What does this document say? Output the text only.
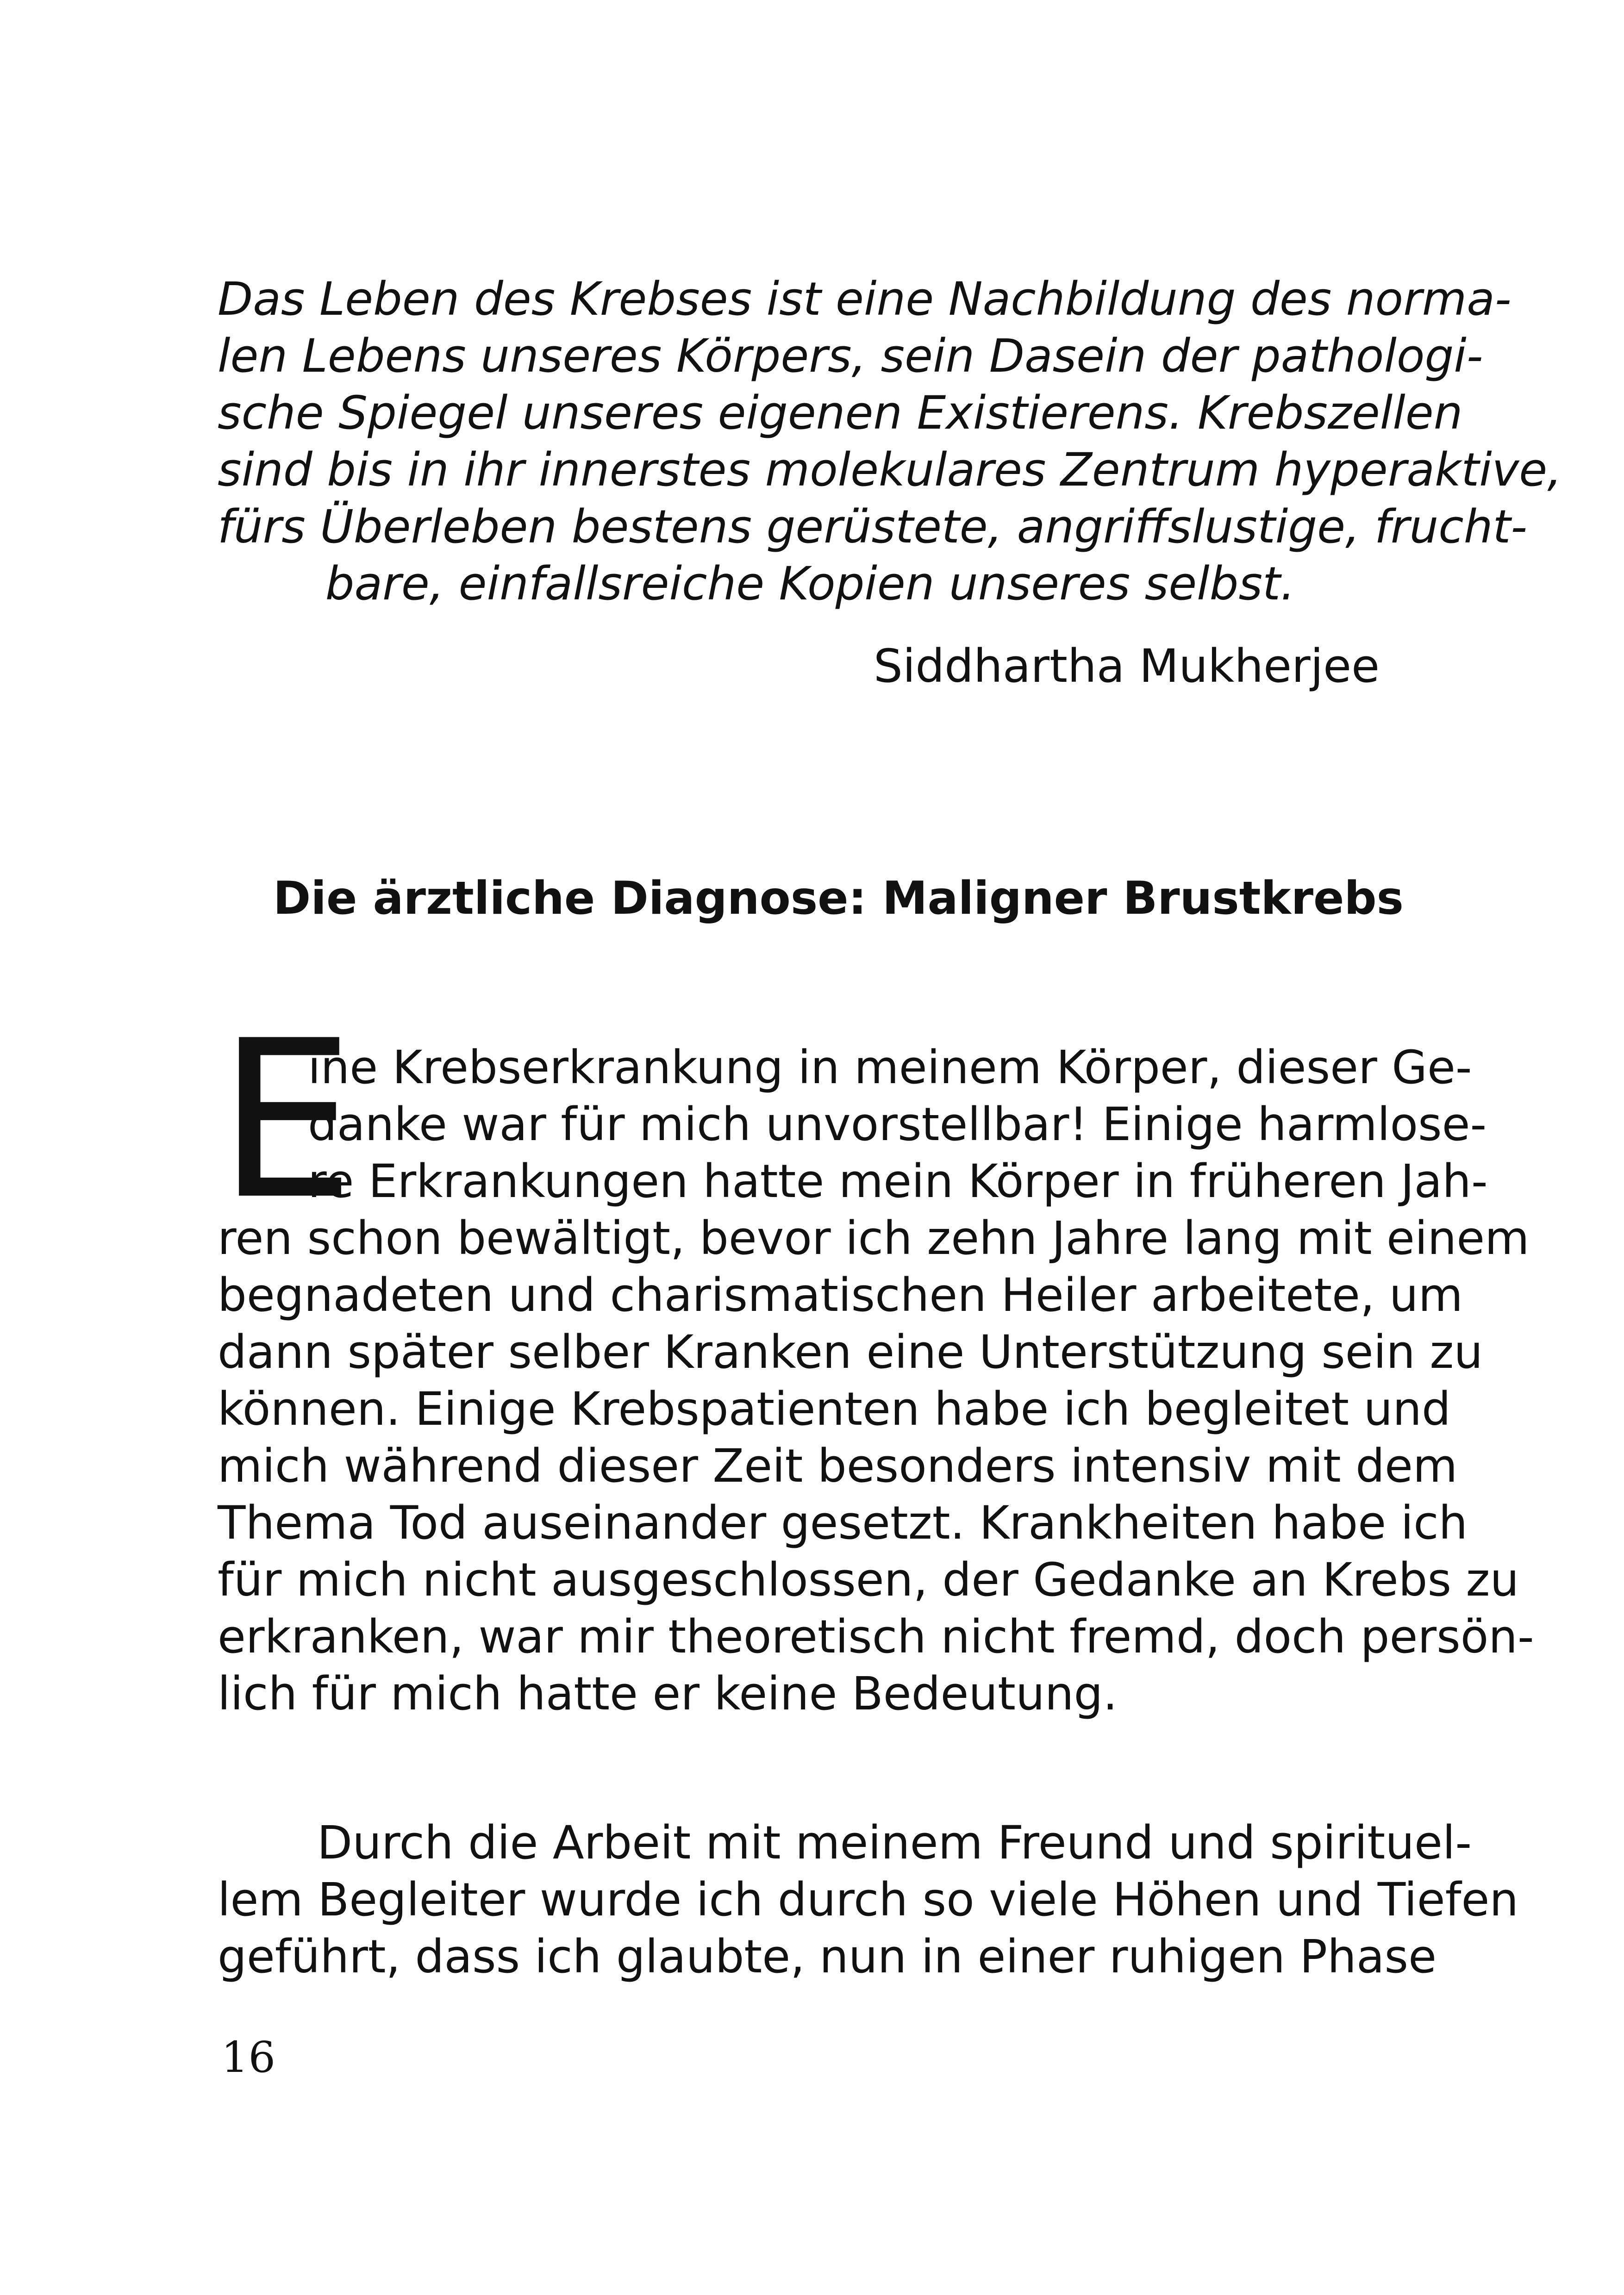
Das Leben des Krebses ist eine Nachbildung des norma-
len Lebens unseres Körpers, sein Dasein der pathologi-
sche Spiegel unseres eigenen Existierens. Krebszellen
sind bis in ihr innerstes molekulares Zentrum hyperaktive,
fürs Überleben bestens gerüstete, angriffslustige, frucht-
bare, einfallsreiche Kopien unseres selbst.
Siddhartha Mukherjee
Die ärztliche Diagnose: Maligner Brustkrebs
E
ine Krebserkrankung in meinem Körper, dieser Ge-
danke war für mich unvorstellbar! Einige harmlose-
re Erkrankungen hatte mein Körper in früheren Jah-
ren schon bewältigt, bevor ich zehn Jahre lang mit einem
begnadeten und charismatischen Heiler arbeitete, um
dann später selber Kranken eine Unterstützung sein zu
können. Einige Krebspatienten habe ich begleitet und
mich während dieser Zeit besonders intensiv mit dem
Thema Tod auseinander gesetzt. Krankheiten habe ich
für mich nicht ausgeschlossen, der Gedanke an Krebs zu
erkranken, war mir theoretisch nicht fremd, doch persön-
lich für mich hatte er keine Bedeutung.
Durch die Arbeit mit meinem Freund und spirituel-
lem Begleiter wurde ich durch so viele Höhen und Tiefen
geführt, dass ich glaubte, nun in einer ruhigen Phase
16
